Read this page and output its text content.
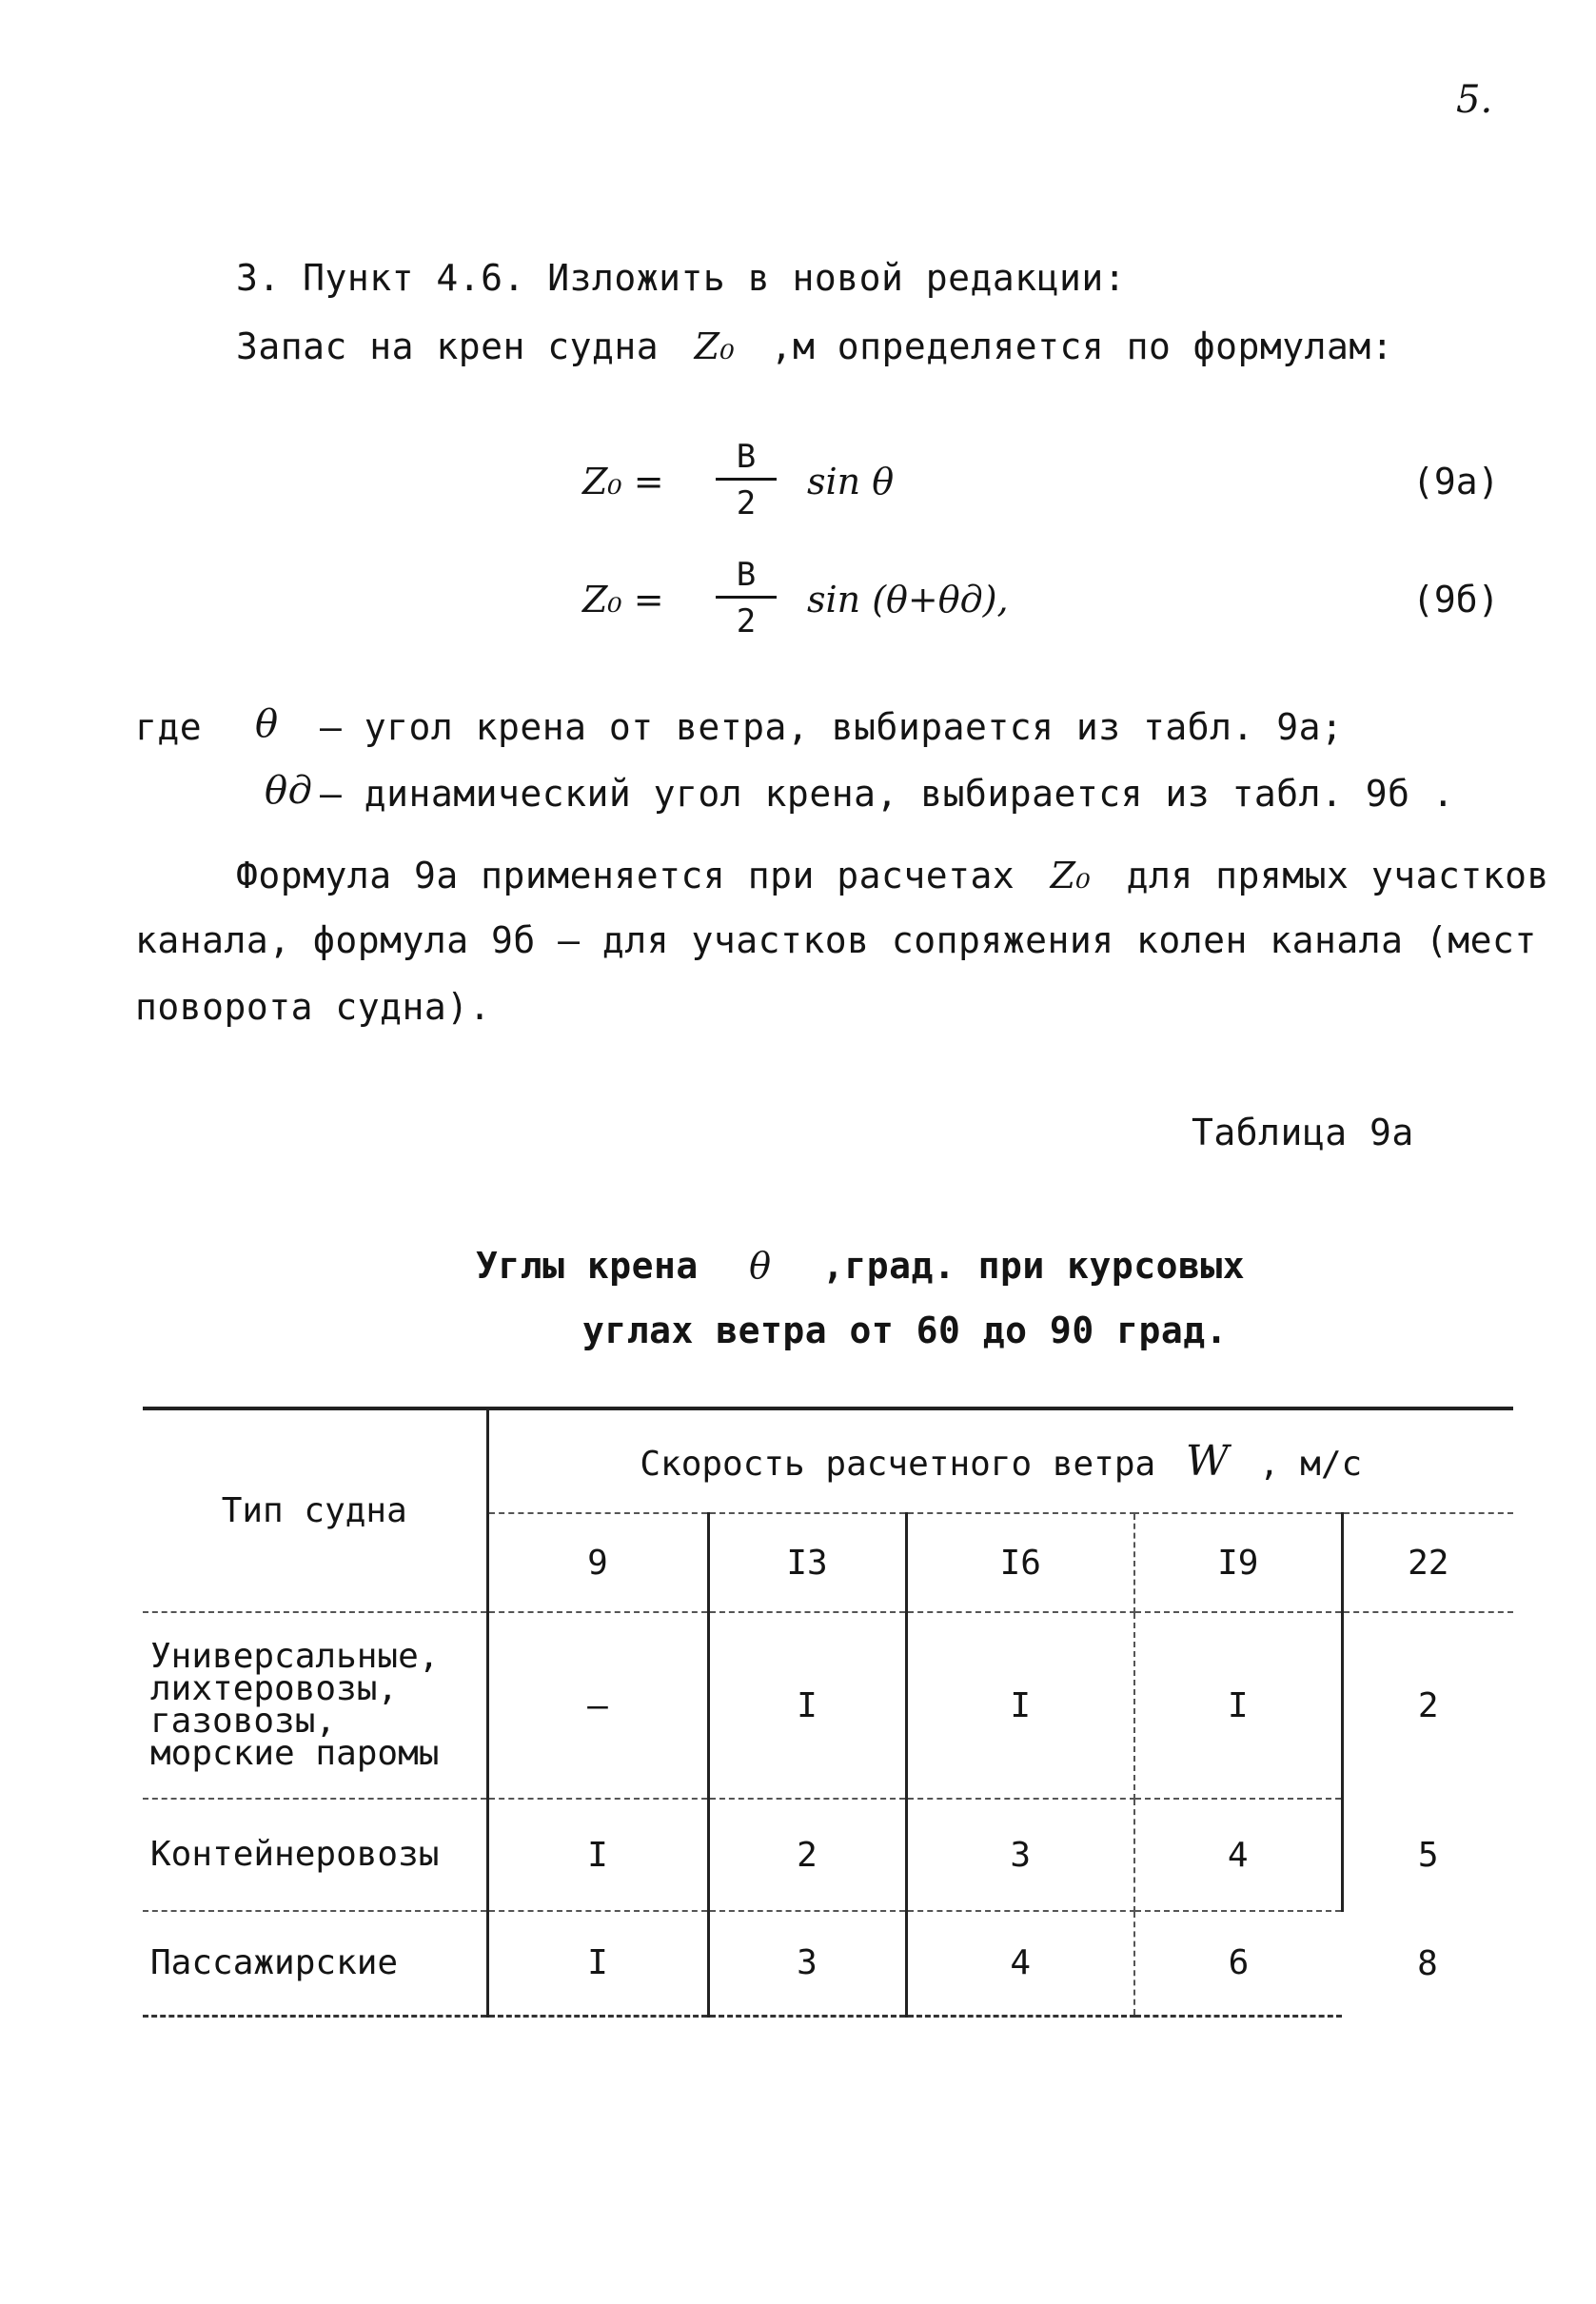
5.
3. Пункт 4.6. Изложить в новой редакции:
Запас на крен судна Z₀ ,м определяется по формулам:
Z₀ =
B
2
sin θ	(9а)
Z₀ =
B
2
sin (θ+θд),	(9б)
где θ – угол крена от ветра, выбирается из табл. 9а;
θд – динамический угол крена, выбирается из табл. 9б .
Формула 9а применяется при расчетах Z₀ для прямых участков
канала, формула 9б – для участков сопряжения колен канала (мест
поворота судна).
Таблица 9а
Углы крена θ ,град. при курсовых
углах ветра от 60 до 90 град.
Тип судна	Скорость расчетного ветра W , м/с				
	9	I3	I6	I9	22
Универсальные, лихтеровозы, газовозы, морские паромы	–	I	I	I	2
Контейнеровозы	I	2	3	4	5
Пассажирские	I	3	4	6	8
